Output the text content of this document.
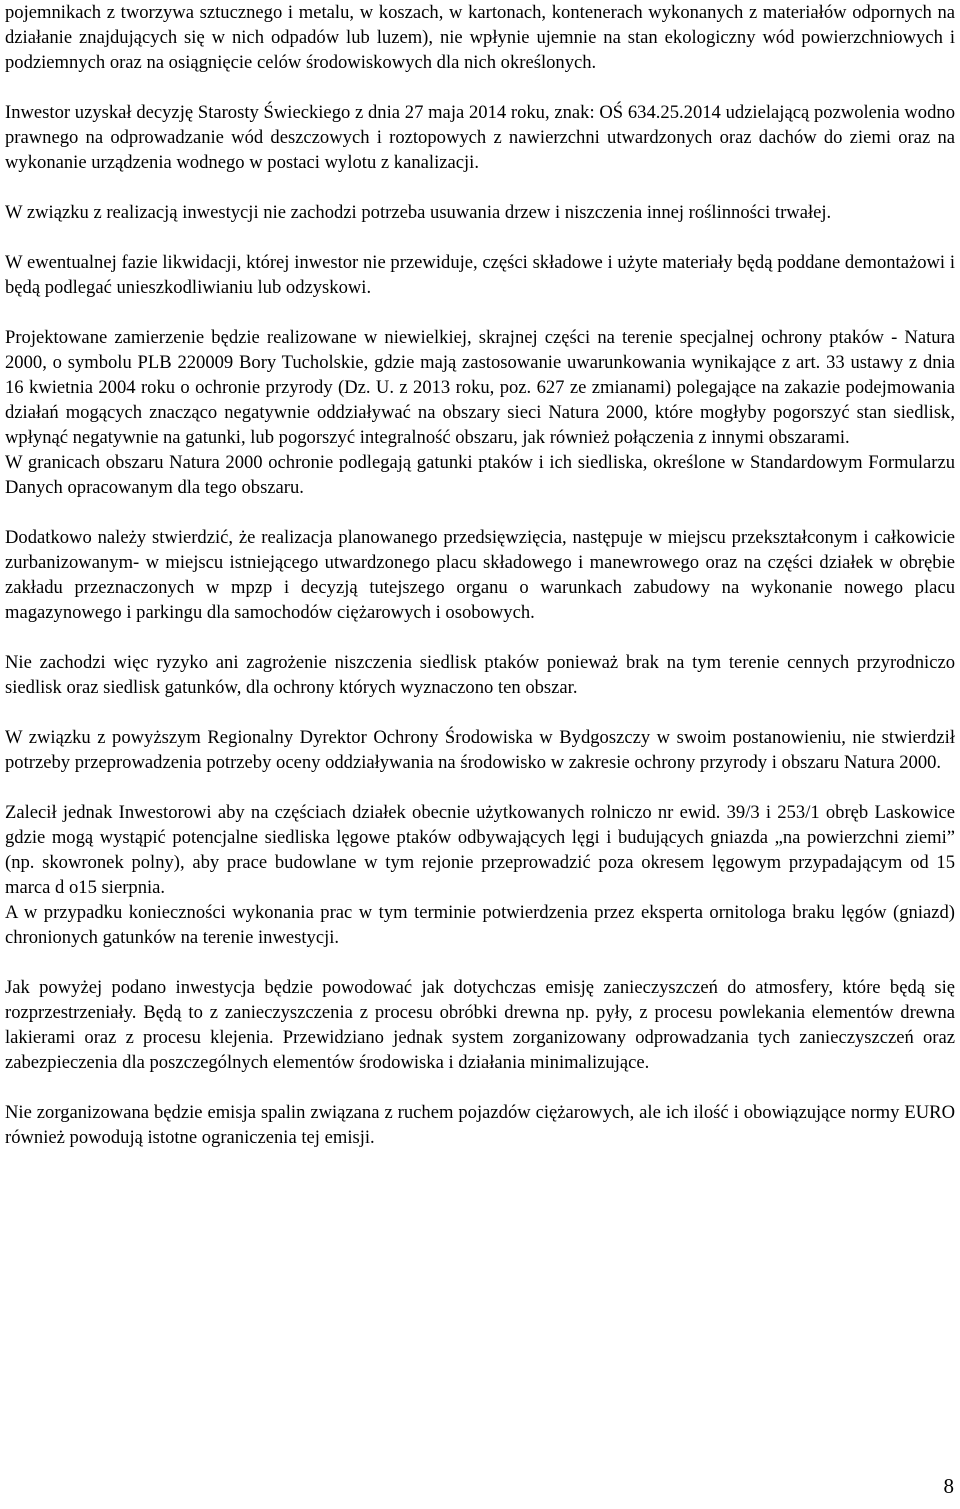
pojemnikach z tworzywa sztucznego i metalu, w koszach, w kartonach, kontenerach wykonanych z materiałów odpornych na działanie znajdujących się w nich odpadów lub luzem), nie wpłynie ujemnie na stan ekologiczny wód powierzchniowych i podziemnych oraz na osiągnięcie celów środowiskowych dla nich określonych.

Inwestor uzyskał decyzję Starosty Świeckiego z dnia 27 maja 2014 roku, znak: OŚ 634.25.2014 udzielającą pozwolenia wodno prawnego na odprowadzanie wód deszczowych i roztopowych z nawierzchni utwardzonych oraz dachów do ziemi oraz na wykonanie urządzenia wodnego w postaci wylotu z kanalizacji.

W związku z realizacją inwestycji nie zachodzi potrzeba usuwania drzew i niszczenia innej roślinności trwałej.

W ewentualnej fazie likwidacji, której inwestor nie przewiduje, części składowe i użyte materiały będą poddane demontażowi i będą podlegać unieszkodliwianiu lub odzyskowi.

Projektowane zamierzenie będzie realizowane w niewielkiej, skrajnej części na terenie specjalnej ochrony ptaków - Natura 2000, o symbolu PLB 220009 Bory Tucholskie, gdzie mają zastosowanie uwarunkowania wynikające z art. 33 ustawy z dnia 16 kwietnia 2004 roku o ochronie przyrody (Dz. U. z 2013 roku, poz. 627 ze zmianami) polegające na zakazie podejmowania działań mogących znacząco negatywnie oddziaływać na obszary sieci Natura 2000, które mogłyby pogorszyć stan siedlisk, wpłynąć negatywnie na gatunki, lub pogorszyć integralność obszaru, jak również połączenia z innymi obszarami.

W granicach obszaru Natura 2000 ochronie podlegają gatunki ptaków i ich siedliska, określone w Standardowym Formularzu Danych opracowanym dla tego obszaru.

Dodatkowo należy stwierdzić, że realizacja planowanego przedsięwzięcia, następuje w miejscu przekształconym i całkowicie zurbanizowanym- w miejscu istniejącego utwardzonego placu składowego i manewrowego oraz na części działek w obrębie zakładu przeznaczonych w mpzp i decyzją tutejszego organu o warunkach zabudowy na wykonanie nowego placu magazynowego i parkingu dla samochodów ciężarowych i osobowych.

Nie zachodzi więc ryzyko ani zagrożenie niszczenia siedlisk ptaków ponieważ brak na tym terenie cennych przyrodniczo siedlisk oraz siedlisk gatunków, dla ochrony których wyznaczono ten obszar.

W związku z powyższym Regionalny Dyrektor Ochrony Środowiska w Bydgoszczy w swoim postanowieniu, nie stwierdził potrzeby przeprowadzenia potrzeby oceny oddziaływania na środowisko w zakresie ochrony przyrody i obszaru Natura 2000.

Zalecił jednak Inwestorowi aby na częściach działek obecnie użytkowanych rolniczo nr ewid. 39/3 i 253/1 obręb Laskowice gdzie mogą wystąpić potencjalne siedliska lęgowe ptaków odbywających lęgi i budujących gniazda „na powierzchni ziemi” (np. skowronek polny), aby prace budowlane w tym rejonie przeprowadzić poza okresem lęgowym przypadającym od 15 marca d o15 sierpnia.

A w przypadku konieczności wykonania prac w tym terminie potwierdzenia przez eksperta ornitologa braku lęgów (gniazd) chronionych gatunków na terenie inwestycji.

Jak powyżej podano inwestycja będzie powodować jak dotychczas emisję zanieczyszczeń do atmosfery, które będą się rozprzestrzeniały. Będą to z zanieczyszczenia z procesu obróbki drewna np. pyły, z procesu powlekania elementów drewna lakierami oraz z procesu klejenia. Przewidziano jednak system zorganizowany odprowadzania tych zanieczyszczeń oraz zabezpieczenia dla poszczególnych elementów środowiska i działania minimalizujące.

Nie zorganizowana będzie emisja spalin związana z ruchem pojazdów ciężarowych, ale ich ilość i obowiązujące normy EURO również powodują istotne ograniczenia tej emisji.

8
